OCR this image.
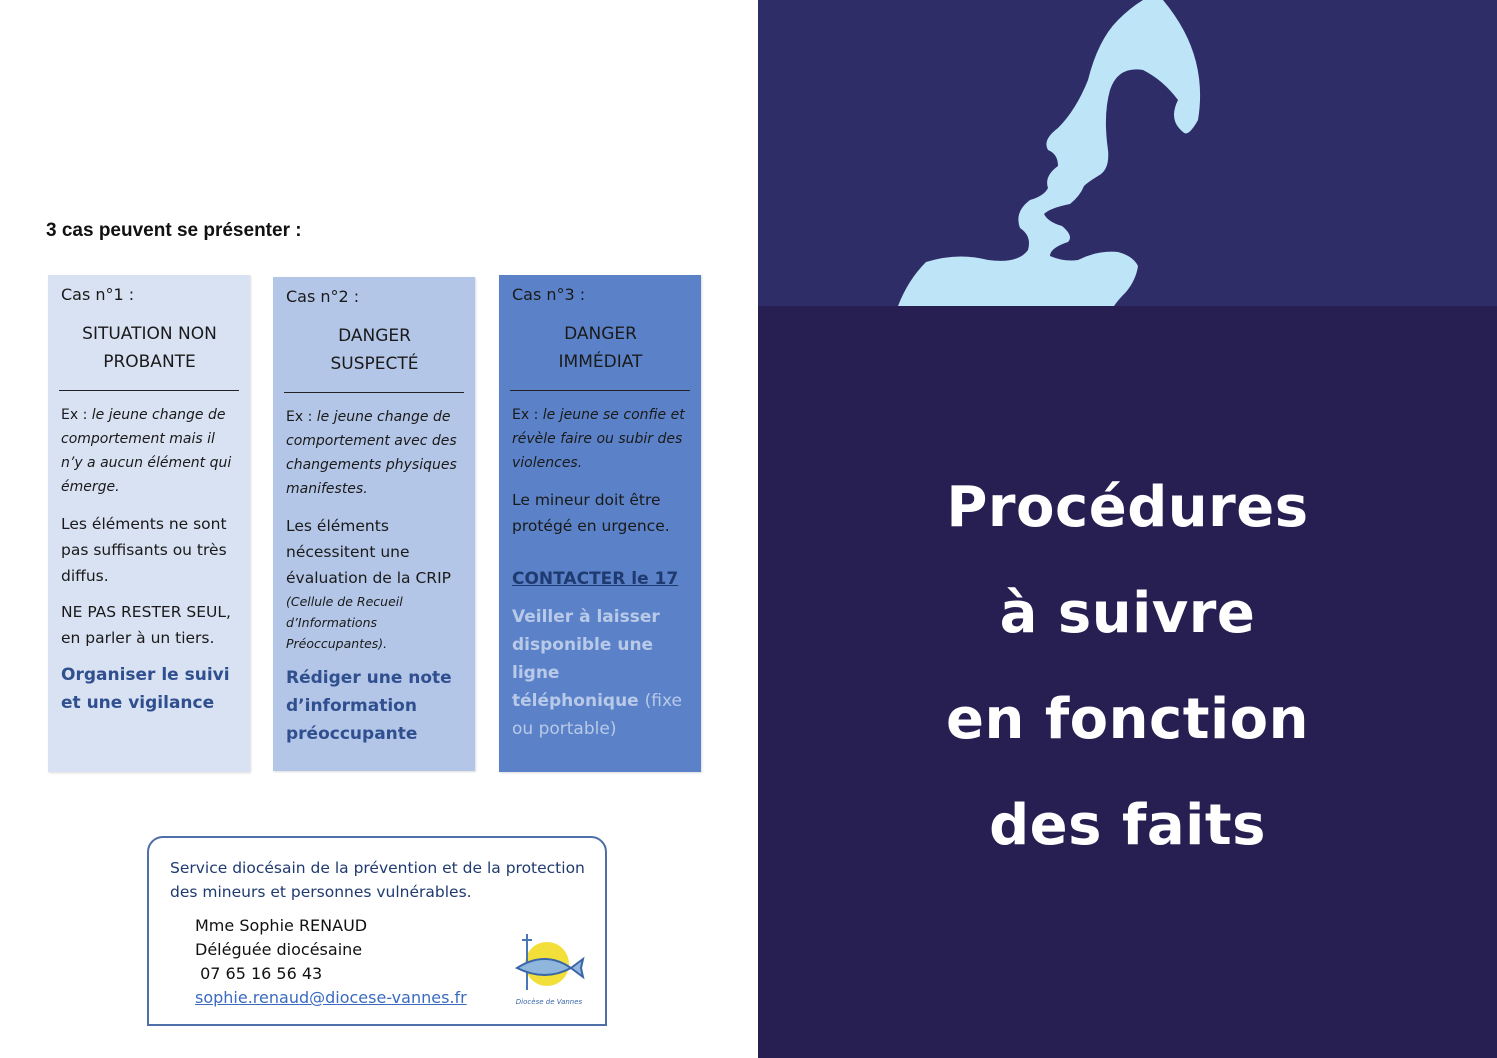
3 cas peuvent se présenter :
Cas n°1 :
SITUATION NON
PROBANTE
Ex : le jeune change de comportement mais il n’y a aucun élément qui émerge.
Les éléments ne sont pas suffisants ou très diffus.
NE PAS RESTER SEUL, en parler à un tiers.
Organiser le suivi et une vigilance
Cas n°2 :
DANGER
SUSPECTÉ
Ex : le jeune change de comportement avec des changements physiques manifestes.
Les éléments nécessitent une évaluation de la CRIP
(Cellule de Recueil d’Informations Préoccupantes).
Rédiger une note d’information préoccupante
Cas n°3 :
DANGER
IMMÉDIAT
Ex : le jeune se confie et révèle faire ou subir des violences.
Le mineur doit être protégé en urgence.
CONTACTER le 17
Veiller à laisser disponible une ligne téléphonique (fixe ou portable)
Service diocésain de la prévention et de la protection des mineurs et personnes vulnérables.
Mme Sophie RENAUD
Déléguée diocésaine
07 65 16 56 43
sophie.renaud@diocese-vannes.fr	Diocèse de Vannes
Procédures
à suivre
en fonction
des faits
